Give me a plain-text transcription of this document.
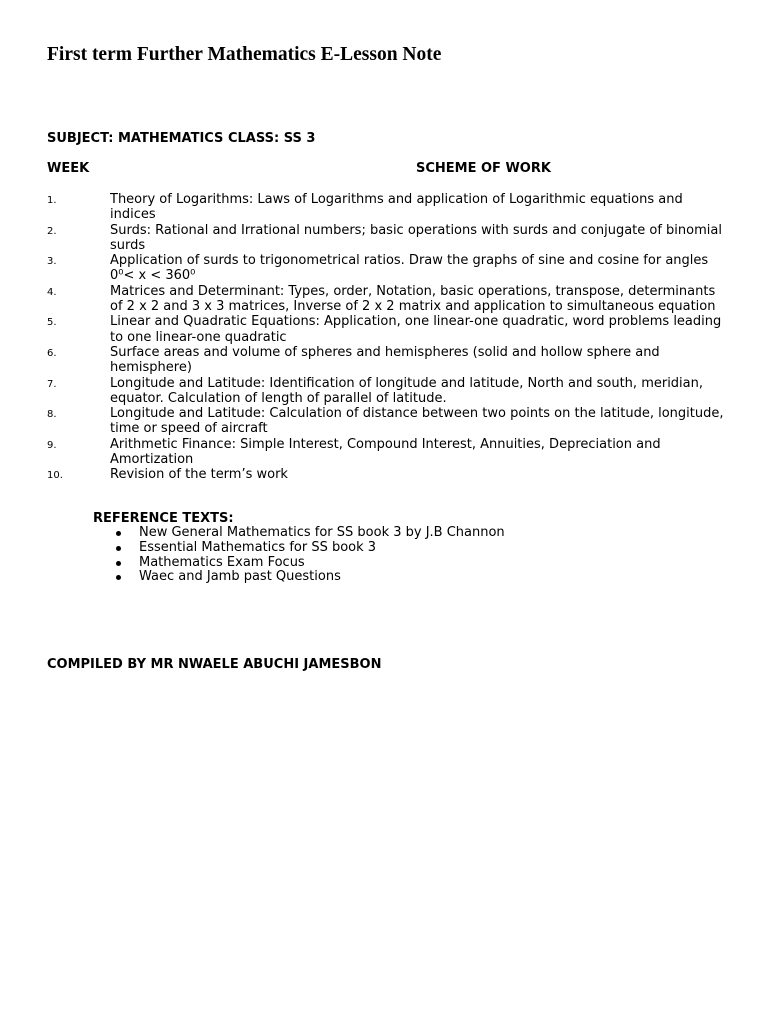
First term Further Mathematics E-Lesson Note
SUBJECT: MATHEMATICS CLASS: SS 3
WEEK	SCHEME OF WORK
1.	Theory of Logarithms: Laws of Logarithms and application of Logarithmic equations and indices
2.	Surds: Rational and Irrational numbers; basic operations with surds and conjugate of binomial surds
3.	Application of surds to trigonometrical ratios. Draw the graphs of sine and cosine for angles 0⁰< x < 360⁰
4.	Matrices and Determinant: Types, order, Notation, basic operations, transpose, determinants of 2 x 2 and 3 x 3 matrices, Inverse of 2 x 2 matrix and application to simultaneous equation
5.	Linear and Quadratic Equations: Application, one linear-one quadratic, word problems leading to one linear-one quadratic
6.	Surface areas and volume of spheres and hemispheres (solid and hollow sphere and hemisphere)
7.	Longitude and Latitude: Identification of longitude and latitude, North and south, meridian, equator. Calculation of length of parallel of latitude.
8.	Longitude and Latitude: Calculation of distance between two points on the latitude, longitude, time or speed of aircraft
9.	Arithmetic Finance: Simple Interest, Compound Interest, Annuities, Depreciation and Amortization
10.	Revision of the term’s work
REFERENCE TEXTS:
New General Mathematics for SS book 3 by J.B Channon
Essential Mathematics for SS book 3
Mathematics Exam Focus
Waec and Jamb past Questions
COMPILED BY MR NWAELE ABUCHI JAMESBON
